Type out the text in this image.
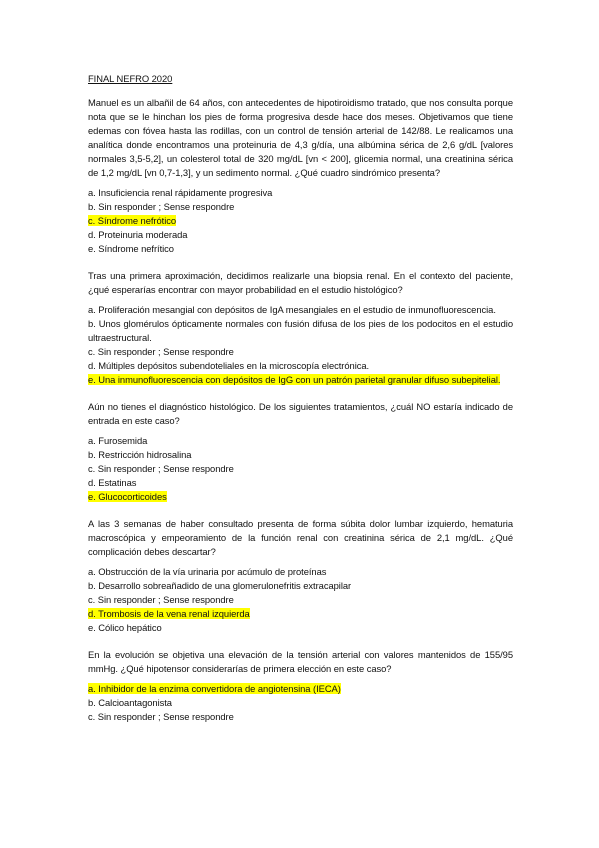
FINAL NEFRO 2020
Manuel es un albañil de 64 años, con antecedentes de hipotiroidismo tratado, que nos consulta porque nota que se le hinchan los pies de forma progresiva desde hace dos meses. Objetivamos que tiene edemas con fóvea hasta las rodillas, con un control de tensión arterial de 142/88. Le realicamos una analítica donde encontramos una proteinuria de 4,3 g/día, una albúmina sérica de 2,6 g/dL [valores normales 3,5-5,2], un colesterol total de 320 mg/dL [vn < 200], glicemia normal, una creatinina sérica de 1,2 mg/dL [vn 0,7-1,3], y un sedimento normal. ¿Qué cuadro sindrómico presenta?
a. Insuficiencia renal rápidamente progresiva
b. Sin responder ; Sense respondre
c. Síndrome nefrótico
d. Proteinuria moderada
e. Síndrome nefrítico
Tras una primera aproximación, decidimos realizarle una biopsia renal. En el contexto del paciente, ¿qué esperarías encontrar con mayor probabilidad en el estudio histológico?
a. Proliferación mesangial con depósitos de IgA mesangiales en el estudio de inmunofluorescencia.
b. Unos glomérulos ópticamente normales con fusión difusa de los pies de los podocitos en el estudio ultraestructural.
c. Sin responder ; Sense respondre
d. Múltiples depósitos subendoteliales en la microscopía electrónica.
e. Una inmunofluorescencia con depósitos de IgG con un patrón parietal granular difuso subepitelial.
Aún no tienes el diagnóstico histológico. De los siguientes tratamientos, ¿cuál NO estaría indicado de entrada en este caso?
a. Furosemida
b. Restricción hidrosalina
c. Sin responder ; Sense respondre
d. Estatinas
e. Glucocorticoides
A las 3 semanas de haber consultado presenta de forma súbita dolor lumbar izquierdo, hematuria macroscópica y empeoramiento de la función renal con creatinina sérica de 2,1 mg/dL. ¿Qué complicación debes descartar?
a. Obstrucción de la vía urinaria por acúmulo de proteínas
b. Desarrollo sobreañadido de una glomerulonefritis extracapilar
c. Sin responder ; Sense respondre
d. Trombosis de la vena renal izquierda
e. Cólico hepático
En la evolución se objetiva una elevación de la tensión arterial con valores mantenidos de 155/95 mmHg. ¿Qué hipotensor considerarías de primera elección en este caso?
a. Inhibidor de la enzima convertidora de angiotensina (IECA)
b. Calcioantagonista
c. Sin responder ; Sense respondre
